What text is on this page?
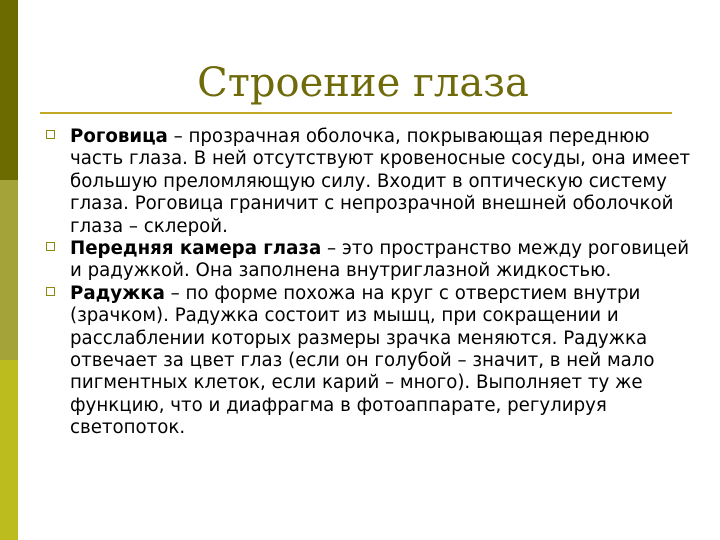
Строение глаза

Роговица – прозрачная оболочка, покрывающая переднюю часть глаза. В ней отсутствуют кровеносные сосуды, она имеет большую преломляющую силу. Входит в оптическую систему глаза. Роговица граничит с непрозрачной внешней оболочкой глаза – склерой.

Передняя камера глаза – это пространство между роговицей и радужкой. Она заполнена внутриглазной жидкостью.

Радужка – по форме похожа на круг с отверстием внутри (зрачком). Радужка состоит из мышц, при сокращении и расслаблении которых размеры зрачка меняются. Радужка отвечает за цвет глаз (если он голубой – значит, в ней мало пигментных клеток, если карий – много). Выполняет ту же функцию, что и диафрагма в фотоаппарате, регулируя светопоток.
